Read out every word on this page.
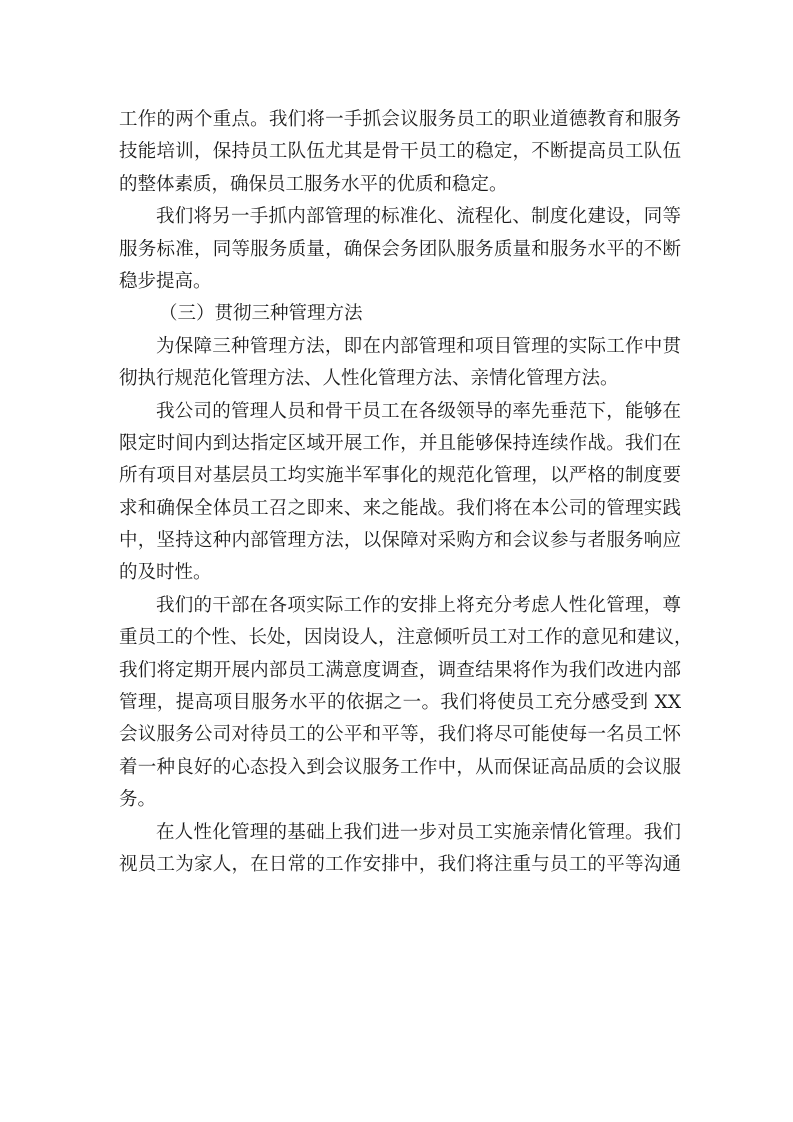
工作的两个重点。我们将一手抓会议服务员工的职业道德教育和服务
技能培训，保持员工队伍尤其是骨干员工的稳定，不断提高员工队伍
的整体素质，确保员工服务水平的优质和稳定。
我们将另一手抓内部管理的标准化、流程化、制度化建设，同等
服务标准，同等服务质量，确保会务团队服务质量和服务水平的不断
稳步提高。
（三）贯彻三种管理方法
为保障三种管理方法，即在内部管理和项目管理的实际工作中贯
彻执行规范化管理方法、人性化管理方法、亲情化管理方法。
我公司的管理人员和骨干员工在各级领导的率先垂范下，能够在
限定时间内到达指定区域开展工作，并且能够保持连续作战。我们在
所有项目对基层员工均实施半军事化的规范化管理，以严格的制度要
求和确保全体员工召之即来、来之能战。我们将在本公司的管理实践
中，坚持这种内部管理方法，以保障对采购方和会议参与者服务响应
的及时性。
我们的干部在各项实际工作的安排上将充分考虑人性化管理，尊
重员工的个性、长处，因岗设人，注意倾听员工对工作的意见和建议，
我们将定期开展内部员工满意度调查，调查结果将作为我们改进内部
管理，提高项目服务水平的依据之一。我们将使员工充分感受到 XX
会议服务公司对待员工的公平和平等，我们将尽可能使每一名员工怀
着一种良好的心态投入到会议服务工作中，从而保证高品质的会议服
务。
在人性化管理的基础上我们进一步对员工实施亲情化管理。我们
视员工为家人，在日常的工作安排中，我们将注重与员工的平等沟通
